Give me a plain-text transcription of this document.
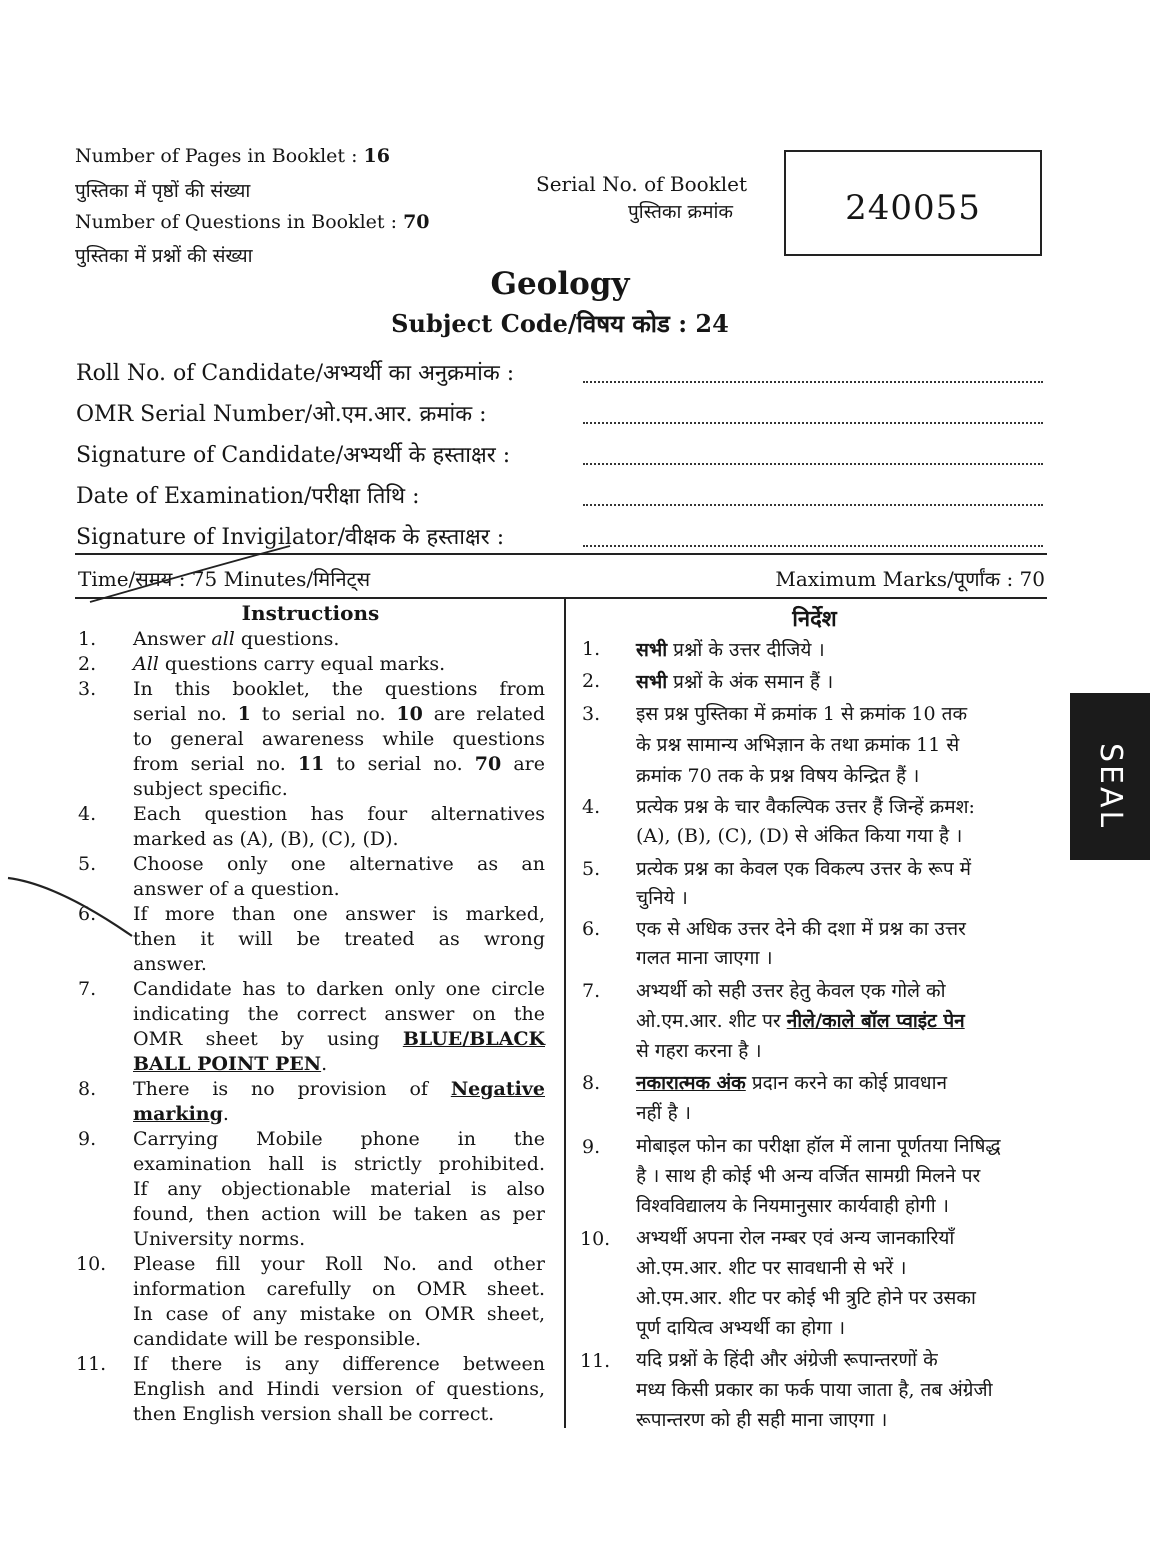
Number of Pages in Booklet : 16
पुस्तिका में पृष्ठों की संख्या
Number of Questions in Booklet : 70
पुस्तिका में प्रश्नों की संख्या
Serial No. of Booklet
पुस्तिका क्रमांक	240055
Geology
Subject Code/विषय कोड : 24
Roll No. of Candidate/अभ्यर्थी का अनुक्रमांक :
OMR Serial Number/ओ.एम.आर. क्रमांक :
Signature of Candidate/अभ्यर्थी के हस्ताक्षर :
Date of Examination/परीक्षा तिथि :
Signature of Invigilator/वीक्षक के हस्ताक्षर :
Time/समय : 75 Minutes/मिनिट्स	Maximum Marks/पूर्णांक : 70
Instructions
1. Answer all questions.
2. All questions carry equal marks.
3. In this booklet, the questions from
serial no. 1 to serial no. 10 are related
to general awareness while questions
from serial no. 11 to serial no. 70 are
subject specific.
4. Each question has four alternatives
marked as (A), (B), (C), (D).
5. Choose only one alternative as an
answer of a question.
6. If more than one answer is marked,
then it will be treated as wrong
answer.
7. Candidate has to darken only one circle
indicating the correct answer on the
OMR sheet by using BLUE/BLACK
BALL POINT PEN.
8. There is no provision of Negative
marking.
9. Carrying Mobile phone in the
examination hall is strictly prohibited.
If any objectionable material is also
found, then action will be taken as per
University norms.
10. Please fill your Roll No. and other
information carefully on OMR sheet.
In case of any mistake on OMR sheet,
candidate will be responsible.
11. If there is any difference between
English and Hindi version of questions,
then English version shall be correct.
निर्देश
1. सभी प्रश्नों के उत्तर दीजिये ।
2. सभी प्रश्नों के अंक समान हैं ।
3. इस प्रश्न पुस्तिका में क्रमांक 1 से क्रमांक 10 तक
के प्रश्न सामान्य अभिज्ञान के तथा क्रमांक 11 से
क्रमांक 70 तक के प्रश्न विषय केन्द्रित हैं ।
4. प्रत्येक प्रश्न के चार वैकल्पिक उत्तर हैं जिन्हें क्रमश:
(A), (B), (C), (D) से अंकित किया गया है ।
5. प्रत्येक प्रश्न का केवल एक विकल्प उत्तर के रूप में
चुनिये ।
6. एक से अधिक उत्तर देने की दशा में प्रश्न का उत्तर
गलत माना जाएगा ।
7. अभ्यर्थी को सही उत्तर हेतु केवल एक गोले को
ओ.एम.आर. शीट पर नीले/काले बॉल प्वाइंट पेन
से गहरा करना है ।
8. नकारात्मक अंक प्रदान करने का कोई प्रावधान
नहीं है ।
9. मोबाइल फोन का परीक्षा हॉल में लाना पूर्णतया निषिद्ध
है । साथ ही कोई भी अन्य वर्जित सामग्री मिलने पर
विश्वविद्यालय के नियमानुसार कार्यवाही होगी ।
10. अभ्यर्थी अपना रोल नम्बर एवं अन्य जानकारियाँ
ओ.एम.आर. शीट पर सावधानी से भरें ।
ओ.एम.आर. शीट पर कोई भी त्रुटि होने पर उसका
पूर्ण दायित्व अभ्यर्थी का होगा ।
11. यदि प्रश्नों के हिंदी और अंग्रेजी रूपान्तरणों के
मध्य किसी प्रकार का फर्क पाया जाता है, तब अंग्रेजी
रूपान्तरण को ही सही माना जाएगा ।
SEAL
